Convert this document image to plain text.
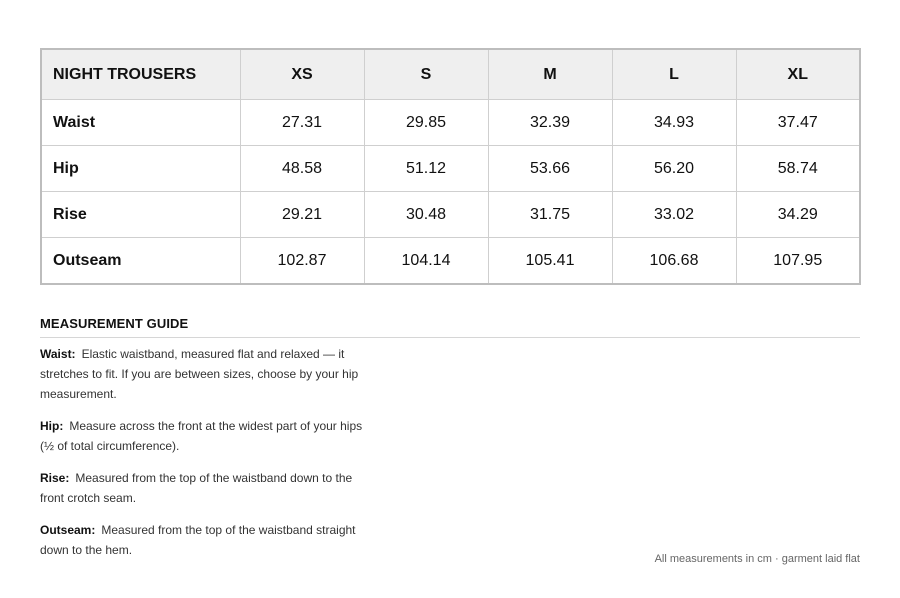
NIGHT TROUSERS	XS	S	M	L	XL
Waist	27.31	29.85	32.39	34.93	37.47
Hip	48.58	51.12	53.66	56.20	58.74
Rise	29.21	30.48	31.75	33.02	34.29
Outseam	102.87	104.14	105.41	106.68	107.95
MEASUREMENT GUIDE

Waist: Elastic waistband, measured flat and relaxed — it stretches to fit. If you are between sizes, choose by your hip measurement.

Hip: Measure across the front at the widest part of your hips (½ of total circumference).

Rise: Measured from the top of the waistband down to the front crotch seam.

Outseam: Measured from the top of the waistband straight down to the hem.

All measurements in cm · garment laid flat
